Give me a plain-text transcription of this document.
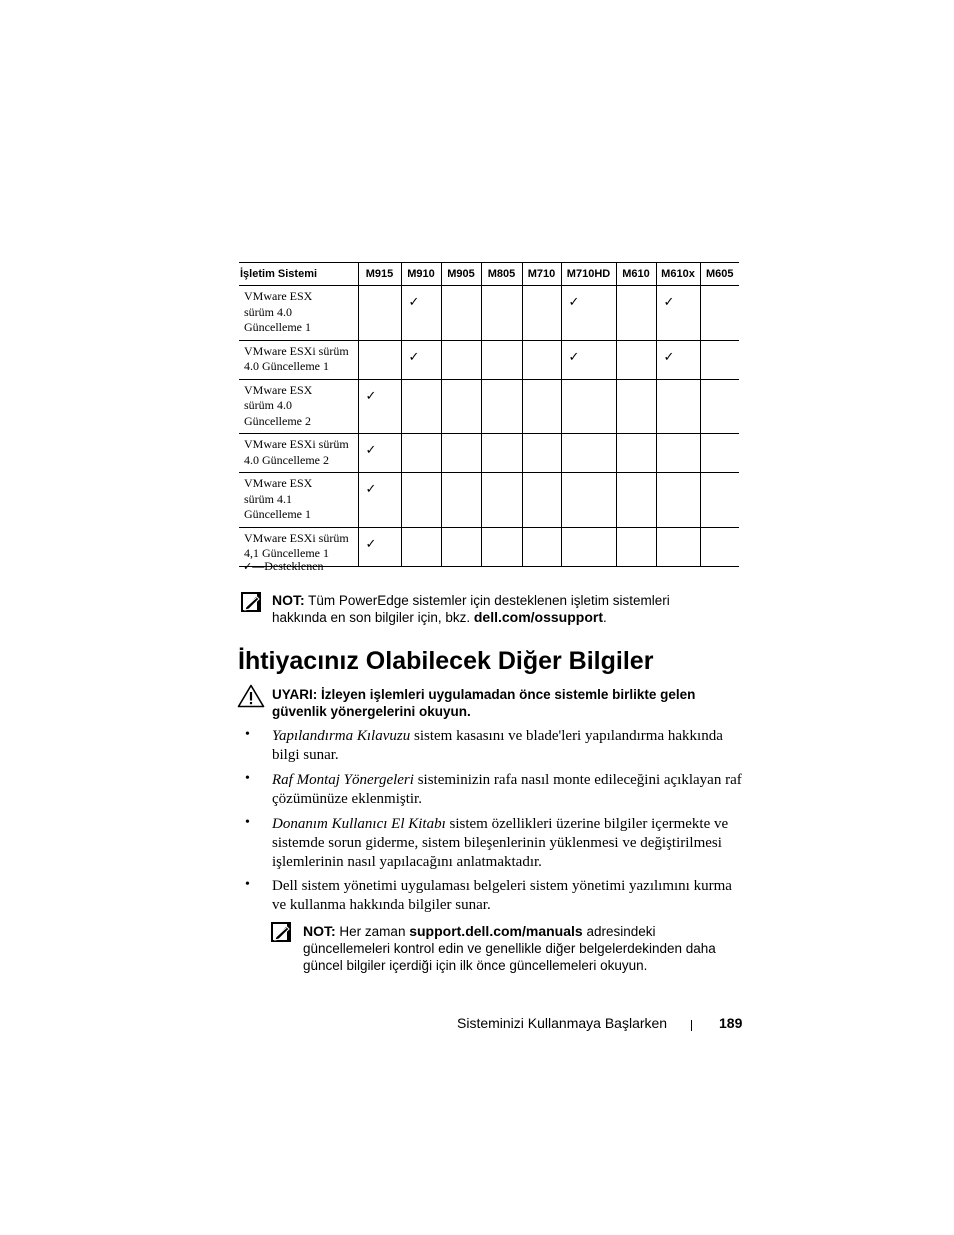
İşletim Sistemi	M915	M910	M905	M805	M710	M710HD	M610	M610x	M605
VMware ESX
sürüm 4.0
Güncelleme 1		✓				✓		✓	
VMware ESXi sürüm
4.0 Güncelleme 1		✓				✓		✓	
VMware ESX
sürüm 4.0
Güncelleme 2	✓								
VMware ESXi sürüm
4.0 Güncelleme 2	✓								
VMware ESX
sürüm 4.1
Güncelleme 1	✓								
VMware ESXi sürüm
4,1 Güncelleme 1	✓								
✓—Desteklenen
NOT: Tüm PowerEdge sistemler için desteklenen işletim sistemleri hakkında en son bilgiler için, bkz. dell.com/ossupport.
İhtiyacınız Olabilecek Diğer Bilgiler
UYARI: İzleyen işlemleri uygulamadan önce sistemle birlikte gelen güvenlik yönergelerini okuyun.
• Yapılandırma Kılavuzu sistem kasasını ve blade'leri yapılandırma hakkında bilgi sunar.
• Raf Montaj Yönergeleri sisteminizin rafa nasıl monte edileceğini açıklayan raf çözümünüze eklenmiştir.
• Donanım Kullanıcı El Kitabı sistem özellikleri üzerine bilgiler içermekte ve sistemde sorun giderme, sistem bileşenlerinin yüklenmesi ve değiştirilmesi işlemlerinin nasıl yapılacağını anlatmaktadır.
• Dell sistem yönetimi uygulaması belgeleri sistem yönetimi yazılımını kurma ve kullanma hakkında bilgiler sunar.
NOT: Her zaman support.dell.com/manuals adresindeki güncellemeleri kontrol edin ve genellikle diğer belgelerdekinden daha güncel bilgiler içerdiği için ilk önce güncellemeleri okuyun.
Sisteminizi Kullanmaya Başlarken	189
